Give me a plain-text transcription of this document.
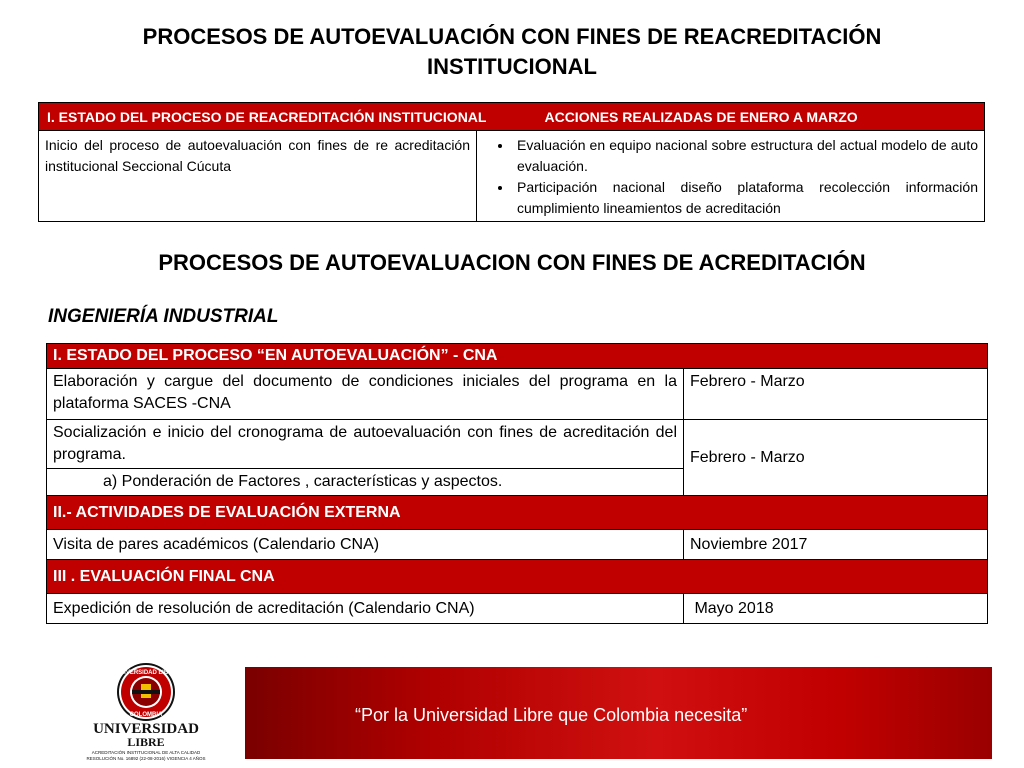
PROCESOS DE AUTOEVALUACIÓN CON FINES DE REACREDITACIÓN
INSTITUCIONAL
I. ESTADO DEL PROCESO DE REACREDITACIÓN INSTITUCIONAL	ACCIONES REALIZADAS DE ENERO A MARZO
Inicio del proceso de autoevaluación con fines de re acreditación institucional Seccional Cúcuta	
• Evaluación en equipo nacional sobre estructura del actual modelo de auto evaluación.
• Participación nacional diseño plataforma recolección información cumplimiento lineamientos de acreditación
PROCESOS DE AUTOEVALUACION CON FINES DE ACREDITACIÓN
INGENIERÍA INDUSTRIAL
I. ESTADO DEL PROCESO “EN AUTOEVALUACIÓN” - CNA	
Elaboración y cargue del documento de condiciones iniciales del programa en la plataforma SACES -CNA	Febrero - Marzo
Socialización e inicio del cronograma de autoevaluación con fines de acreditación del programa.	Febrero - Marzo
a) Ponderación de Factores , características y aspectos.	
II.- ACTIVIDADES DE EVALUACIÓN EXTERNA	
Visita de pares académicos (Calendario CNA)	Noviembre 2017
III . EVALUACIÓN FINAL CNA	
Expedición de resolución de acreditación (Calendario CNA)	Mayo 2018
UNIVERSIDAD LIBRE
COLOMBIA
UNIVERSIDAD
LIBRE
ACREDITACIÓN INSTITUCIONAL DE ALTA CALIDAD
RESOLUCIÓN No. 16892 (22-08-2016) VIGENCIA 4 AÑOS
“Por la Universidad Libre que Colombia necesita”
